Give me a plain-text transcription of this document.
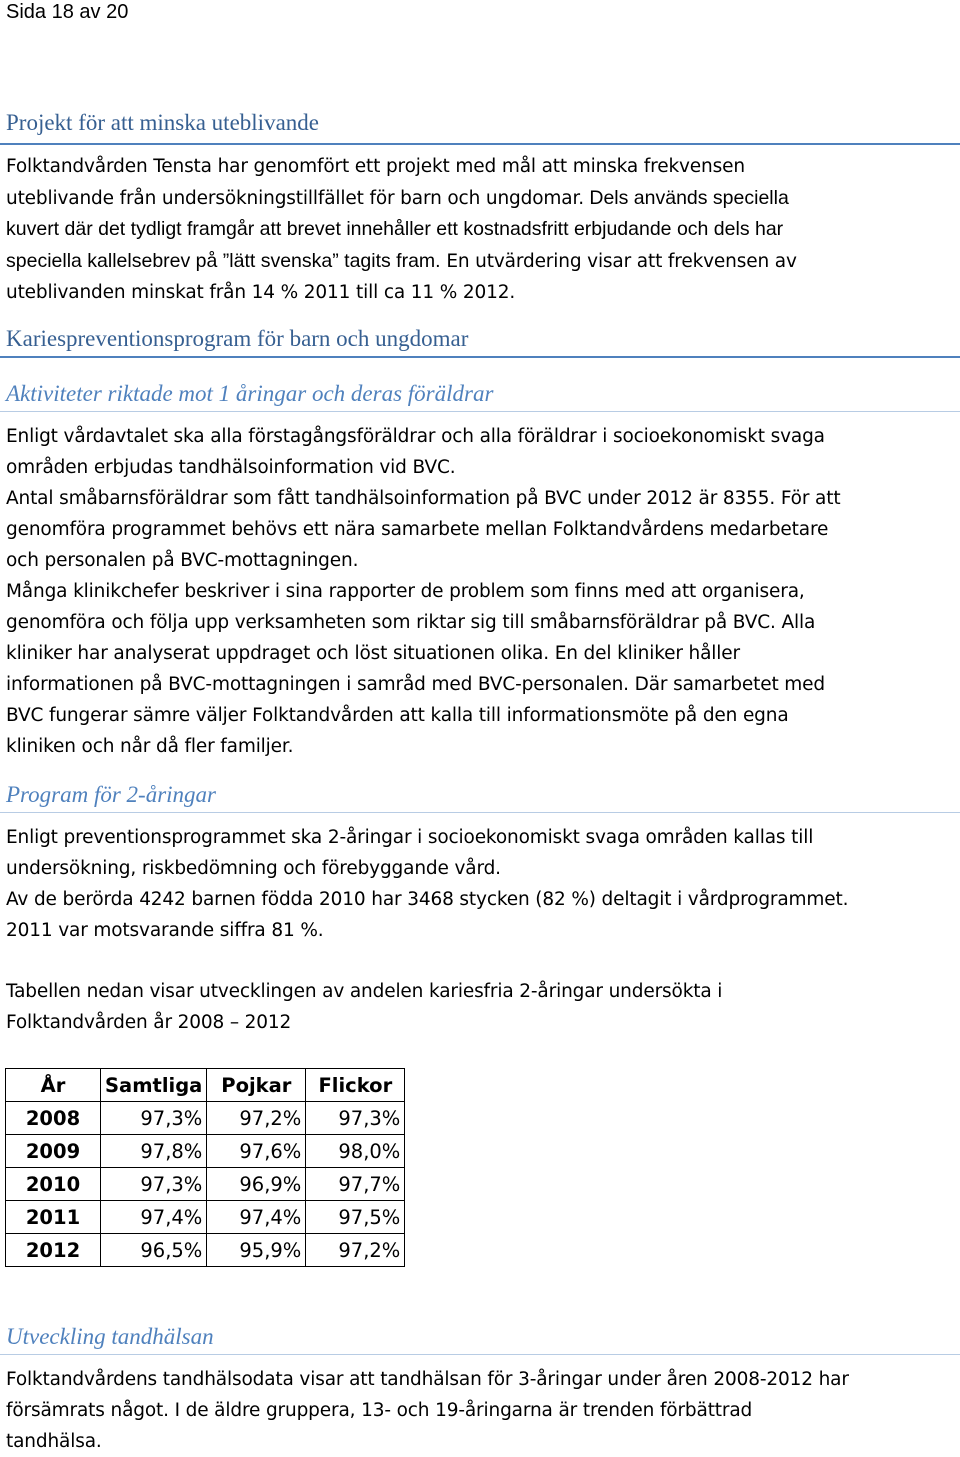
Sida 18 av 20
Projekt för att minska uteblivande
Folktandvården Tensta har genomfört ett projekt med mål att minska frekvensen
uteblivande från undersökningstillfället för barn och ungdomar. Dels används speciella
kuvert där det tydligt framgår att brevet innehåller ett kostnadsfritt erbjudande och dels har
speciella kallelsebrev på ”lätt svenska” tagits fram. En utvärdering visar att frekvensen av
uteblivanden minskat från 14 % 2011 till ca 11 % 2012.
Kariespreventionsprogram för barn och ungdomar
Aktiviteter riktade mot 1 åringar och deras föräldrar
Enligt vårdavtalet ska alla förstagångsföräldrar och alla föräldrar i socioekonomiskt svaga
områden erbjudas tandhälsoinformation vid BVC.
Antal småbarnsföräldrar som fått tandhälsoinformation på BVC under 2012 är 8355. För att
genomföra programmet behövs ett nära samarbete mellan Folktandvårdens medarbetare
och personalen på BVC-mottagningen.
Många klinikchefer beskriver i sina rapporter de problem som finns med att organisera,
genomföra och följa upp verksamheten som riktar sig till småbarnsföräldrar på BVC. Alla
kliniker har analyserat uppdraget och löst situationen olika. En del kliniker håller
informationen på BVC-mottagningen i samråd med BVC-personalen. Där samarbetet med
BVC fungerar sämre väljer Folktandvården att kalla till informationsmöte på den egna
kliniken och når då fler familjer.
Program för 2-åringar
Enligt preventionsprogrammet ska 2-åringar i socioekonomiskt svaga områden kallas till
undersökning, riskbedömning och förebyggande vård.
Av de berörda 4242 barnen födda 2010 har 3468 stycken (82 %) deltagit i vårdprogrammet.
2011 var motsvarande siffra 81 %.
Tabellen nedan visar utvecklingen av andelen kariesfria 2-åringar undersökta i
Folktandvården år 2008 – 2012
År	Samtliga	Pojkar	Flickor
2008	97,3%	97,2%	97,3%
2009	97,8%	97,6%	98,0%
2010	97,3%	96,9%	97,7%
2011	97,4%	97,4%	97,5%
2012	96,5%	95,9%	97,2%
Utveckling tandhälsan
Folktandvårdens tandhälsodata visar att tandhälsan för 3-åringar under åren 2008-2012 har
försämrats något. I de äldre gruppera, 13- och 19-åringarna är trenden förbättrad
tandhälsa.
